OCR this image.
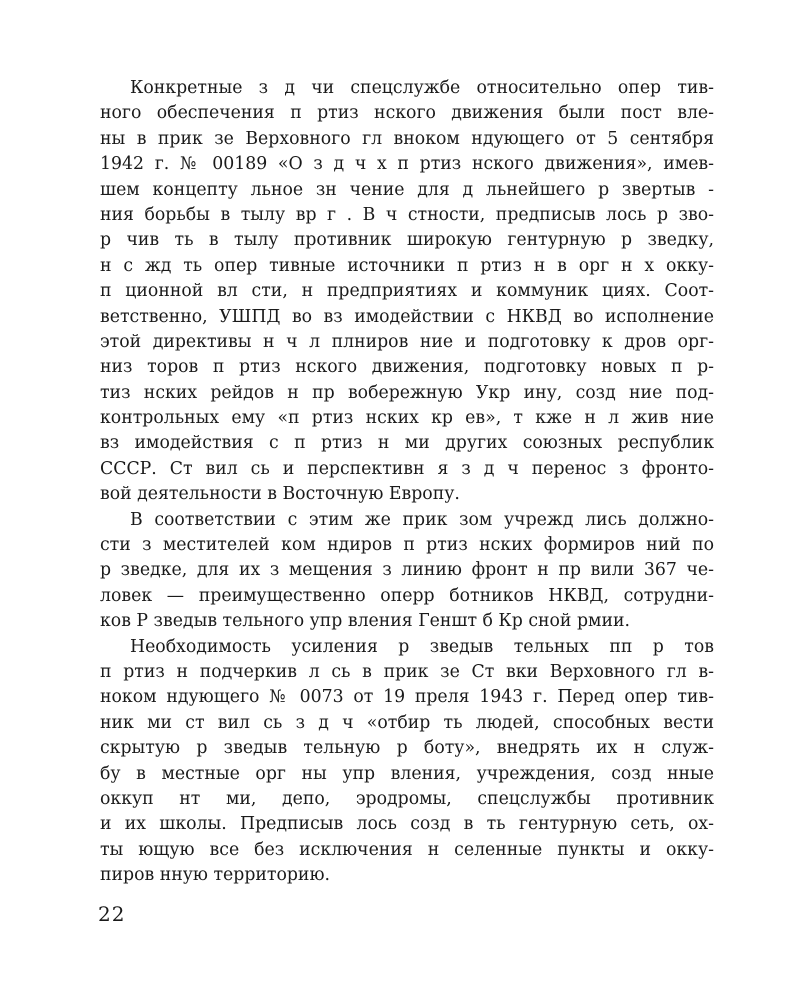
Конкретные з д чи спецслужбе относительно опер тив-
ного обеспечения п ртиз нского движения были пост вле-
ны в прик зе Верховного гл вноком ндующего от 5 сентября
1942 г. № 00189 «О з д ч х п ртиз нского движения», имев-
шем концепту льное зн чение для д льнейшего р звертыв -
ния борьбы в тылу вр г . В ч стности, предписыв лось р зво-
р чив ть в тылу противник широкую гентурную р зведку,
н с жд ть опер тивные источники п ртиз н в орг н х окку-
п ционной вл сти, н предприятиях и коммуник циях. Соот-
ветственно, УШПД во вз имодействии с НКВД во исполнение
этой директивы н ч л плниров ние и подготовку к дров орг-
низ торов п ртиз нского движения, подготовку новых п р-
тиз нских рейдов н пр вобережную Укр ину, созд ние под-
контрольных ему «п ртиз нских кр ев», т кже н л жив ние
вз имодействия с п ртиз н ми других союзных республик
СССР. Ст вил сь и перспективн я з д ч перенос з фронто-
вой деятельности в Восточную Европу.
В соответствии с этим же прик зом учрежд лись должно-
сти з местителей ком ндиров п ртиз нских формиров ний по
р зведке, для их з мещения з линию фронт н пр вили 367 че-
ловек — преимущественно оперр ботников НКВД, сотрудни-
ков Р зведыв тельного упр вления Геншт б Кр сной рмии.
Необходимость усиления р зведыв тельных пп р тов
п ртиз н подчеркив л сь в прик зе Ст вки Верховного гл в-
ноком ндующего № 0073 от 19 преля 1943 г. Перед опер тив-
ник ми ст вил сь з д ч «отбир ть людей, способных вести
скрытую р зведыв тельную р боту», внедрять их н служ-
бу в местные орг ны упр вления, учреждения, созд нные
оккуп нт ми, депо, эродромы, спецслужбы противник
и их школы. Предписыв лось созд в ть гентурную сеть, ох-
ты ющую все без исключения н селенные пункты и окку-
пиров нную территорию.
22
